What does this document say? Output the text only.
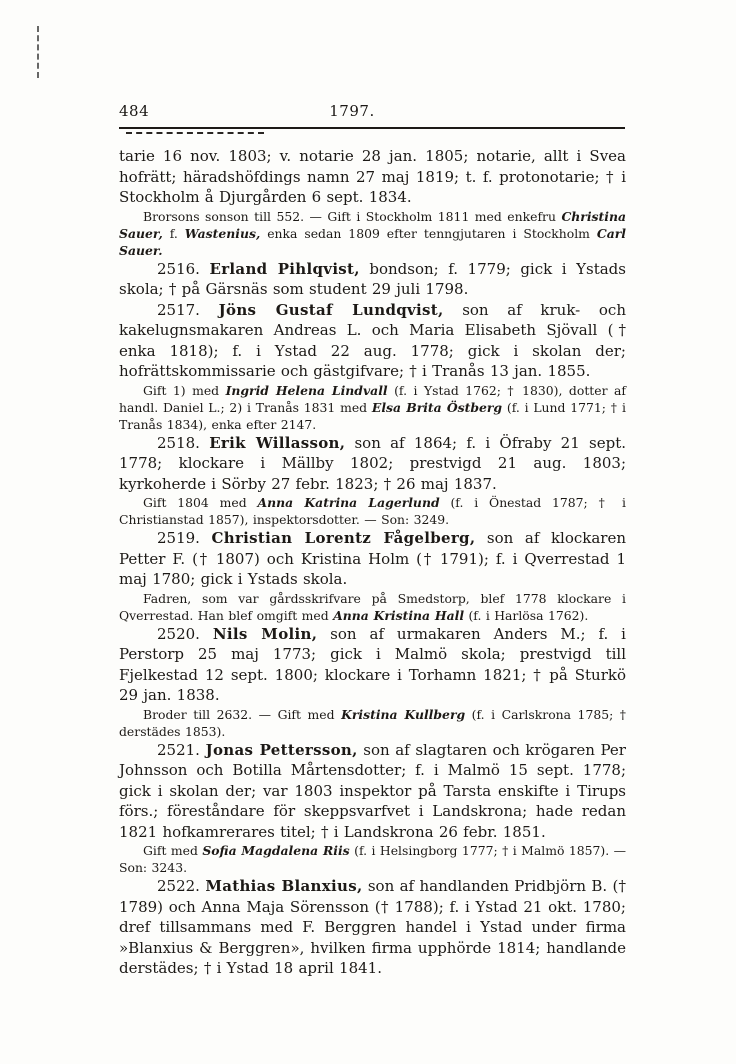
484	1797.

tarie 16 nov. 1803; v. notarie 28 jan. 1805; notarie, allt i Svea hofrätt; häradshöfdings namn 27 maj 1819; t. f. protonotarie; † i Stockholm å Djurgården 6 sept. 1834.

Brorsons sonson till 552. — Gift i Stockholm 1811 med enkefru Christina Sauer, f. Wastenius, enka sedan 1809 efter tenngjutaren i Stockholm Carl Sauer.

2516. Erland Pihlqvist, bondson; f. 1779; gick i Ystads skola; † på Gärsnäs som student 29 juli 1798.

2517. Jöns Gustaf Lundqvist, son af kruk- och kakelugnsmakaren Andreas L. och Maria Elisabeth Sjövall († enka 1818); f. i Ystad 22 aug. 1778; gick i skolan der; hofrättskommissarie och gästgifvare; † i Tranås 13 jan. 1855.

Gift 1) med Ingrid Helena Lindvall (f. i Ystad 1762; † 1830), dotter af handl. Daniel L.; 2) i Tranås 1831 med Elsa Brita Östberg (f. i Lund 1771; † i Tranås 1834), enka efter 2147.

2518. Erik Willasson, son af 1864; f. i Öfraby 21 sept. 1778; klockare i Mällby 1802; prestvigd 21 aug. 1803; kyrkoherde i Sörby 27 febr. 1823; † 26 maj 1837.

Gift 1804 med Anna Katrina Lagerlund (f. i Önestad 1787; † i Christianstad 1857), inspektorsdotter. — Son: 3249.

2519. Christian Lorentz Fågelberg, son af klockaren Petter F. († 1807) och Kristina Holm († 1791); f. i Qverrestad 1 maj 1780; gick i Ystads skola.

Fadren, som var gårdsskrifvare på Smedstorp, blef 1778 klockare i Qverrestad. Han blef omgift med Anna Kristina Hall (f. i Harlösa 1762).

2520. Nils Molin, son af urmakaren Anders M.; f. i Perstorp 25 maj 1773; gick i Malmö skola; prestvigd till Fjelkestad 12 sept. 1800; klockare i Torhamn 1821; † på Sturkö 29 jan. 1838.

Broder till 2632. — Gift med Kristina Kullberg (f. i Carlskrona 1785; † derstädes 1853).

2521. Jonas Pettersson, son af slagtaren och krögaren Per Johnsson och Botilla Mårtensdotter; f. i Malmö 15 sept. 1778; gick i skolan der; var 1803 inspektor på Tarsta enskifte i Tirups förs.; föreståndare för skeppsvarfvet i Landskrona; hade redan 1821 hofkamrerares titel; † i Landskrona 26 febr. 1851.

Gift med Sofia Magdalena Riis (f. i Helsingborg 1777; † i Malmö 1857). — Son: 3243.

2522. Mathias Blanxius, son af handlanden Pridbjörn B. († 1789) och Anna Maja Sörensson († 1788); f. i Ystad 21 okt. 1780; dref tillsammans med F. Berggren handel i Ystad under firma »Blanxius & Berggren», hvilken firma upphörde 1814; handlande derstädes; † i Ystad 18 april 1841.
